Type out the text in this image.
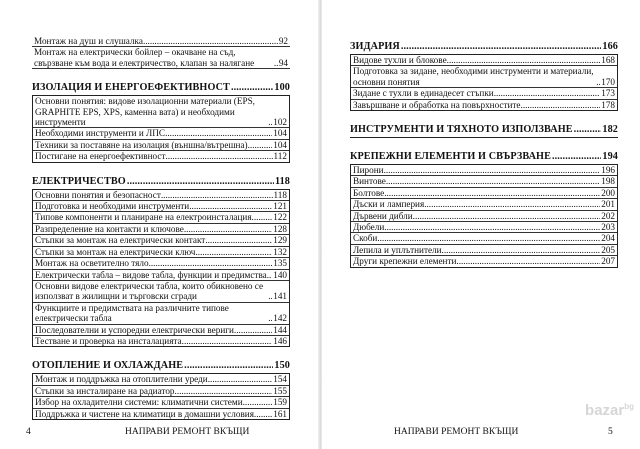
Монтаж на душ и слушалка .....	92
Монтаж на електрически бойлер – окачване на съд, свързване към вода и електричество, клапан за налягане .....	94
ИЗОЛАЦИЯ И ЕНЕРГОЕФЕКТИВНОСТ .....	100
Основни понятия: видове изолационни материали (EPS, GRAPHITE EPS, XPS, каменна вата) и необходими инструменти .....	102
Необходими инструменти и ЛПС .....	104
Техники за поставяне на изолация (външна/вътрешна) .....	104
Постигане на енергоефективност .....	112
ЕЛЕКТРИЧЕСТВО .....	118
Основни понятия и безопасност .....	118
Подготовка и необходими инструменти .....	121
Типове компоненти и планиране на електроинсталация ..... 122
Разпределение на контакти и ключове .....	128
Стъпки за монтаж на електрически контакт .....	129
Стъпки за монтаж на електрически ключ .....	132
Монтаж на осветително тяло .....	135
Електрически табла – видове табла, функции и предимства ..... 140
Основни видове електрически табла, които обикновено се използват в жилищни и търговски сгради .....	141
Функциите и предимствата на различните типове електрически табла .....	142
Последователни и успоредни електрически вериги .....	144
Тестване и проверка на инсталацията .....	146
ОТОПЛЕНИЕ И ОХЛАЖДАНЕ .....	150
Монтаж и поддръжка на отоплителни уреди .....	154
Стъпки за инсталиране на радиатор .....	155
Избор на охладителни системи: климатични системи .....	159
Поддръжка и чистене на климатици в домашни условия ..... 161
4	НАПРАВИ РЕМОНТ ВКЪЩИ
ЗИДАРИЯ .....	166
Видове тухли и блокове .....	168
Подготовка за зидане, необходими инструменти и материали, основни понятия .....	170
Зидане с тухли в единадесет стъпки .....	173
Завършване и обработка на повърхностите .....	178
ИНСТРУМЕНТИ И ТЯХНОТО ИЗПОЛЗВАНЕ .....	182
КРЕПЕЖНИ ЕЛЕМЕНТИ И СВЪРЗВАНЕ .....	194
Пирони .....	196
Винтове .....	198
Болтове .....	200
Дъски и ламперия .....	201
Дървени дибли .....	202
Дюбели .....	203
Скоби .....	204
Лепила и уплътнители .....	205
Други крепежни елементи .....	207
НАПРАВИ РЕМОНТ ВКЪЩИ	5
bazar$^{bg}$
